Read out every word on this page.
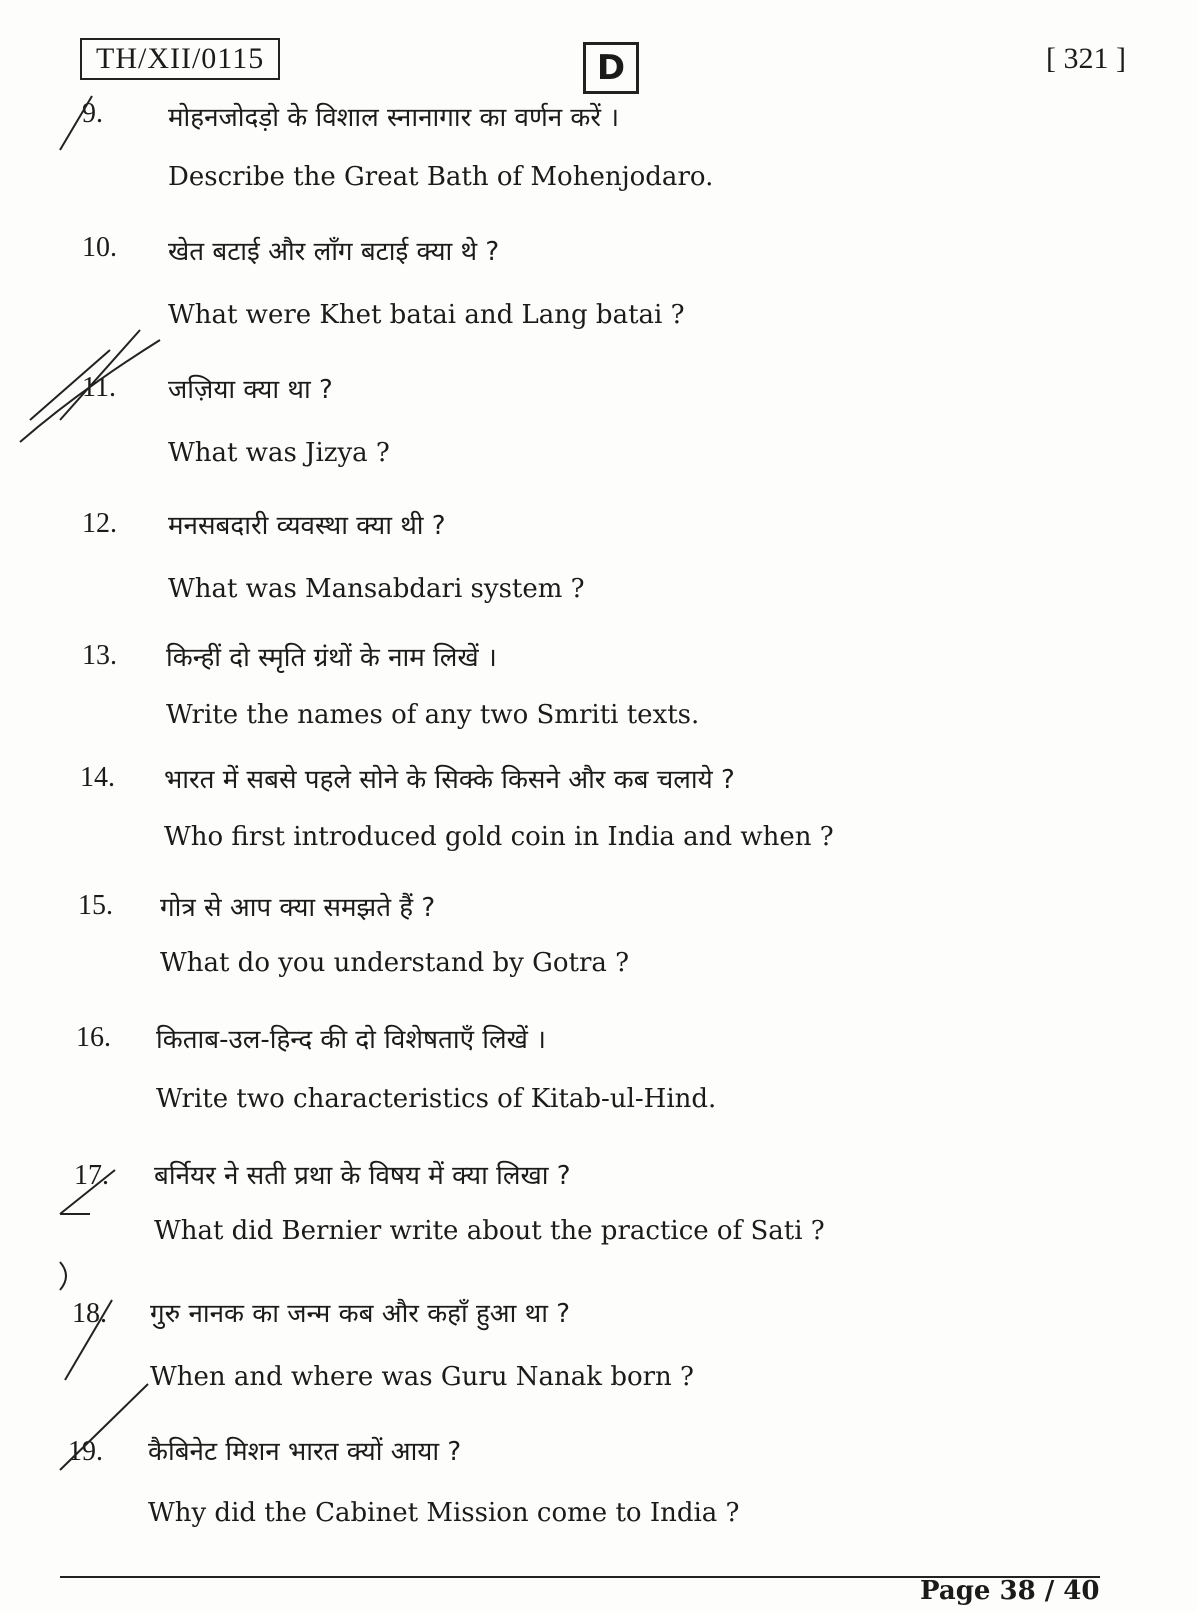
TH/XII/0115	D	[ 321 ]
9.	मोहनजोदड़ो के विशाल स्नानागार का वर्णन करें ।
Describe the Great Bath of Mohenjodaro.
10. खेत बटाई और लाँग बटाई क्या थे ?
What were Khet batai and Lang batai ?
11. जज़िया क्या था ?
What was Jizya ?
12. मनसबदारी व्यवस्था क्या थी ?
What was Mansabdari system ?
13. किन्हीं दो स्मृति ग्रंथों के नाम लिखें ।
Write the names of any two Smriti texts.
14. भारत में सबसे पहले सोने के सिक्के किसने और कब चलाये ?
Who first introduced gold coin in India and when ?
15. गोत्र से आप क्या समझते हैं ?
What do you understand by Gotra ?
16. किताब-उल-हिन्द की दो विशेषताएँ लिखें ।
Write two characteristics of Kitab-ul-Hind.
17. बर्नियर ने सती प्रथा के विषय में क्या लिखा ?
What did Bernier write about the practice of Sati ?
18. गुरु नानक का जन्म कब और कहाँ हुआ था ?
When and where was Guru Nanak born ?
19. कैबिनेट मिशन भारत क्यों आया ?
Why did the Cabinet Mission come to India ?
Page 38 / 40
